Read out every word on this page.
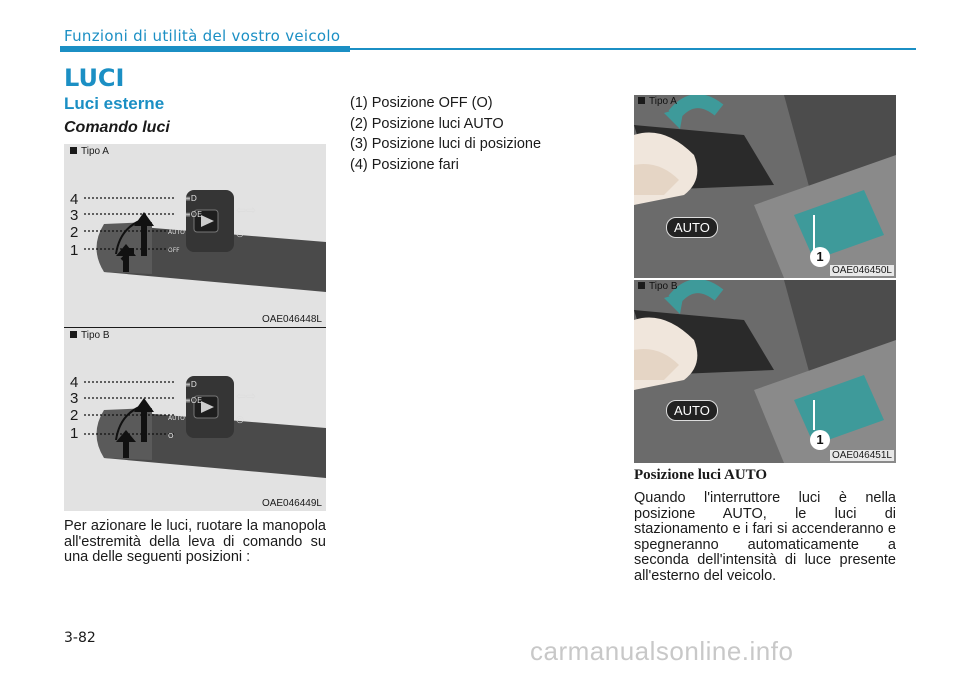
Funzioni di utilità del vostro veicolo
LUCI
Luci esterne
Comando luci
Tipo A
≡D
≡OE
AUTO
OFF
⇦⇨
◎
4
3
2
1
OAE046448L
Tipo B
≡D
≡OE
AUTO
O
⇦⇨
◎
4
3
2
1
OAE046449L
Per azionare le luci, ruotare la manopola all'estremità della leva di comando su una delle seguenti posizioni :
(1) Posizione OFF (O)
(2) Posizione luci AUTO
(3) Posizione luci di posizione
(4) Posizione fari
Tipo A
AUTO
1
OAE046450L
Tipo B
AUTO
1
OAE046451L
Posizione luci AUTO
Quando l'interruttore luci è nella posizione AUTO, le luci di stazionamento e i fari si accenderanno e spegneranno automaticamente a seconda dell'intensità di luce presente all'esterno del veicolo.
3-82	carmanualsonline.info
